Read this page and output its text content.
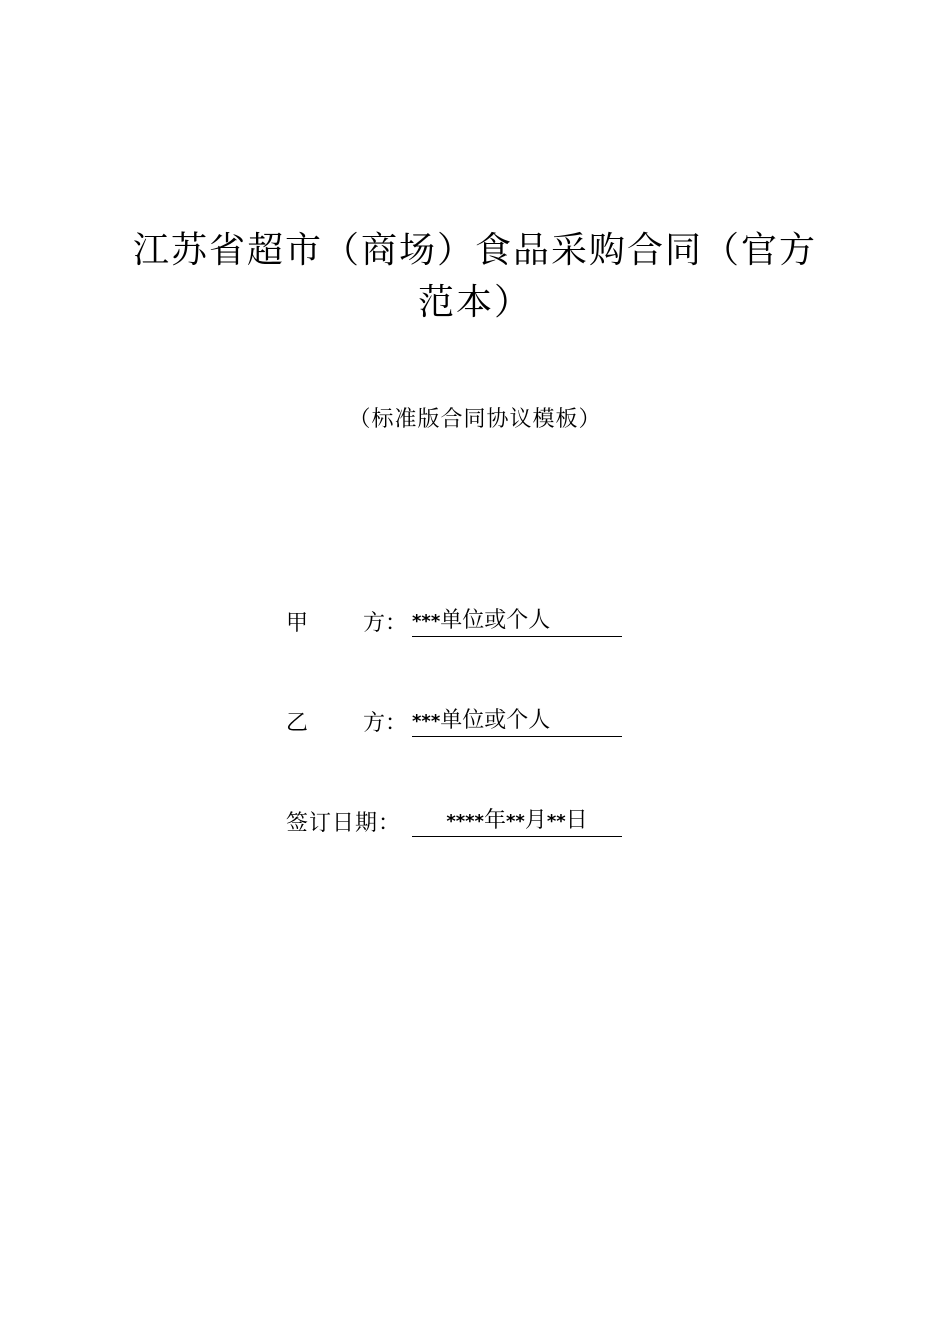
江苏省超市（商场）食品采购合同（官方
范本）
（标准版合同协议模板）
甲 方： ***单位或个人
乙 方： ***单位或个人
签订日期：	****年**月**日
